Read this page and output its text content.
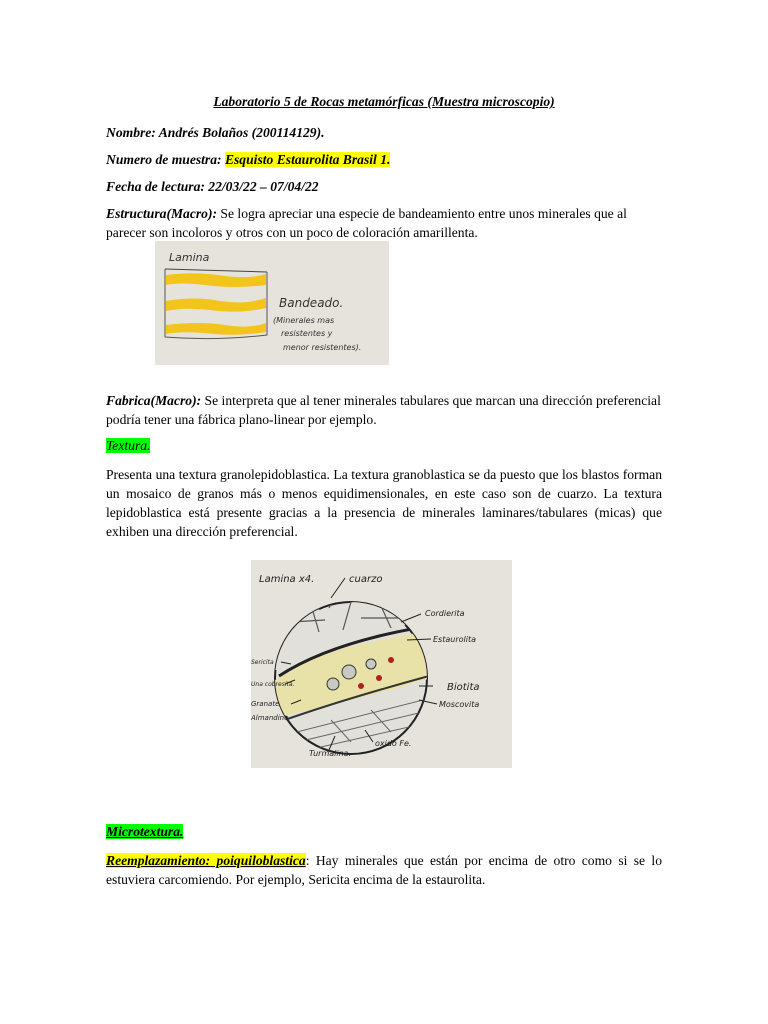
Laboratorio 5 de Rocas metamórficas (Muestra microscopio)
Nombre: Andrés Bolaños (200114129).
Numero de muestra: Esquisto Estaurolita Brasil 1.
Fecha de lectura: 22/03/22 – 07/04/22
Estructura(Macro): Se logra apreciar una especie de bandeamiento entre unos minerales que al parecer son incoloros y otros con un poco de coloración amarillenta.
Lamina
Bandeado.
(Minerales mas
resistentes y
menor resistentes).
Fabrica(Macro): Se interpreta que al tener minerales tabulares que marcan una dirección preferencial podría tener una fábrica plano-linear por ejemplo.
Textura.
Presenta una textura granolepidoblastica. La textura granoblastica se da puesto que los blastos forman un mosaico de granos más o menos equidimensionales, en este caso son de cuarzo. La textura lepidoblastica está presente gracias a la presencia de minerales laminares/tabulares (micas) que exhiben una dirección preferencial.
Lamina x4.	cuarzo
Cordierita
Estaurolita
Sericita
Una cobresita.
Granate
Almandino
Biotita
Moscovita
oxido Fe.
Turmalina.
Microtextura.
Reemplazamiento: poiquiloblastica: Hay minerales que están por encima de otro como si se lo estuviera carcomiendo. Por ejemplo, Sericita encima de la estaurolita.
